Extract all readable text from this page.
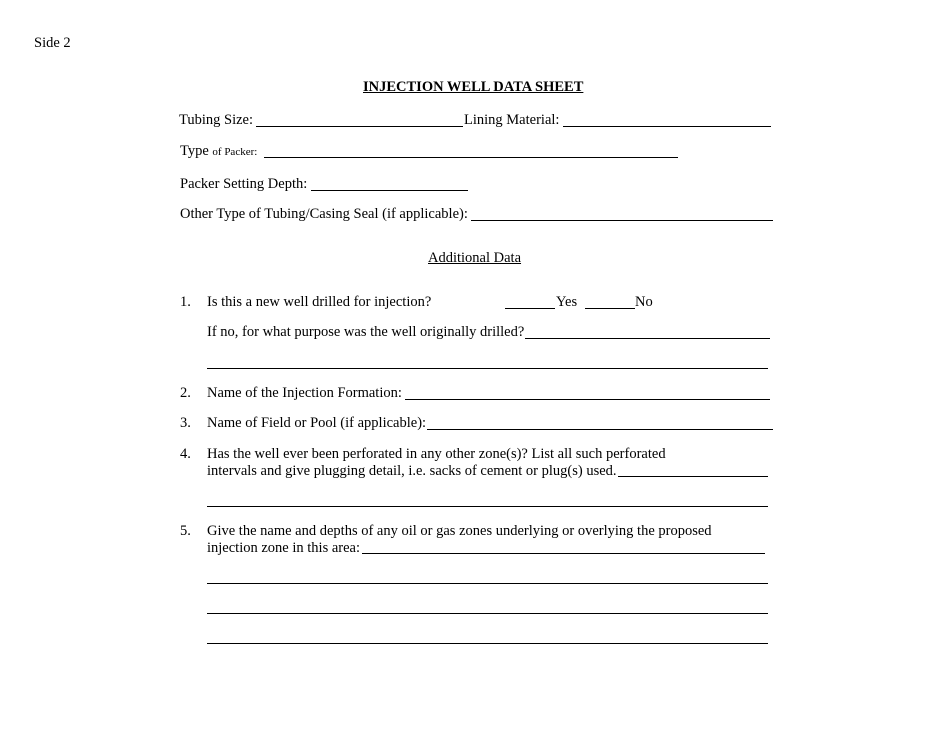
Side 2
INJECTION WELL DATA SHEET
Tubing Size:	Lining Material:
Type of Packer:
Packer Setting Depth:
Other Type of Tubing/Casing Seal (if applicable):
Additional Data
1. Is this a new well drilled for injection?	Yes	No
If no, for what purpose was the well originally drilled?
2. Name of the Injection Formation:
3. Name of Field or Pool (if applicable):
4. Has the well ever been perforated in any other zone(s)? List all such perforated
intervals and give plugging detail, i.e. sacks of cement or plug(s) used.
5. Give the name and depths of any oil or gas zones underlying or overlying the proposed
injection zone in this area:
